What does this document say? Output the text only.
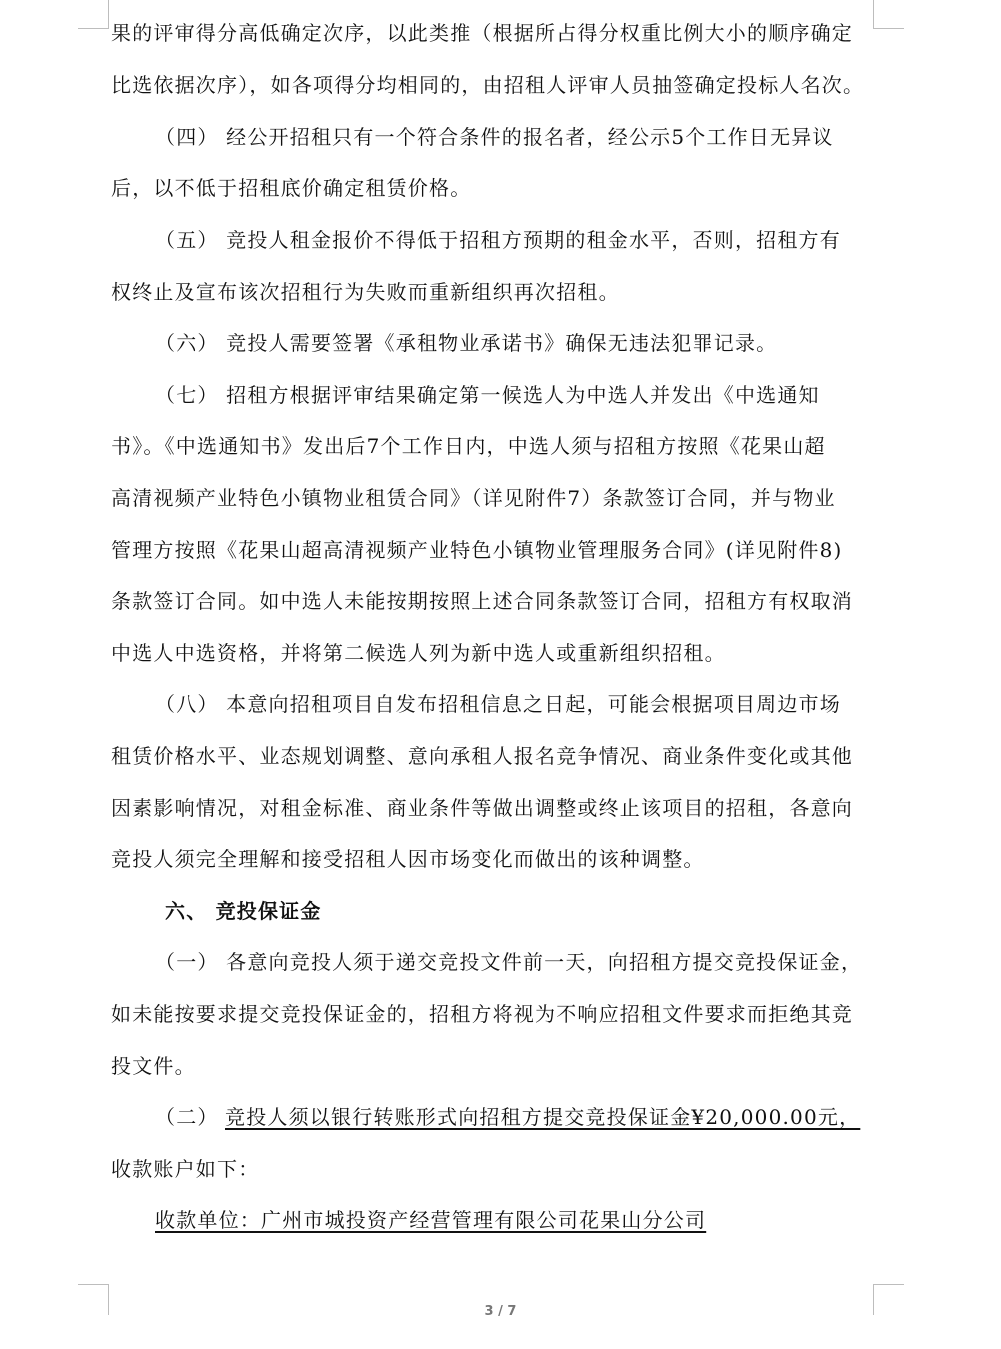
果的评审得分高低确定次序，以此类推（根据所占得分权重比例大小的顺序确定
比选依据次序），如各项得分均相同的，由招租人评审人员抽签确定投标人名次。
（四） 经公开招租只有一个符合条件的报名者，经公示5个工作日无异议
后，以不低于招租底价确定租赁价格。
（五） 竞投人租金报价不得低于招租方预期的租金水平，否则，招租方有
权终止及宣布该次招租行为失败而重新组织再次招租。
（六） 竞投人需要签署《承租物业承诺书》确保无违法犯罪记录。
（七） 招租方根据评审结果确定第一候选人为中选人并发出《中选通知
书》。《中选通知书》发出后7个工作日内，中选人须与招租方按照《花果山超
高清视频产业特色小镇物业租赁合同》（详见附件7）条款签订合同，并与物业
管理方按照《花果山超高清视频产业特色小镇物业管理服务合同》(详见附件8)
条款签订合同。如中选人未能按期按照上述合同条款签订合同，招租方有权取消
中选人中选资格，并将第二候选人列为新中选人或重新组织招租。
（八） 本意向招租项目自发布招租信息之日起，可能会根据项目周边市场
租赁价格水平、业态规划调整、意向承租人报名竞争情况、商业条件变化或其他
因素影响情况，对租金标准、商业条件等做出调整或终止该项目的招租，各意向
竞投人须完全理解和接受招租人因市场变化而做出的该种调整。
六、 竞投保证金
（一） 各意向竞投人须于递交竞投文件前一天，向招租方提交竞投保证金，
如未能按要求提交竞投保证金的，招租方将视为不响应招租文件要求而拒绝其竞
投文件。
（二） 竞投人须以银行转账形式向招租方提交竞投保证金¥20,000.00元，
收款账户如下：
收款单位：广州市城投资产经营管理有限公司花果山分公司
3 / 7
